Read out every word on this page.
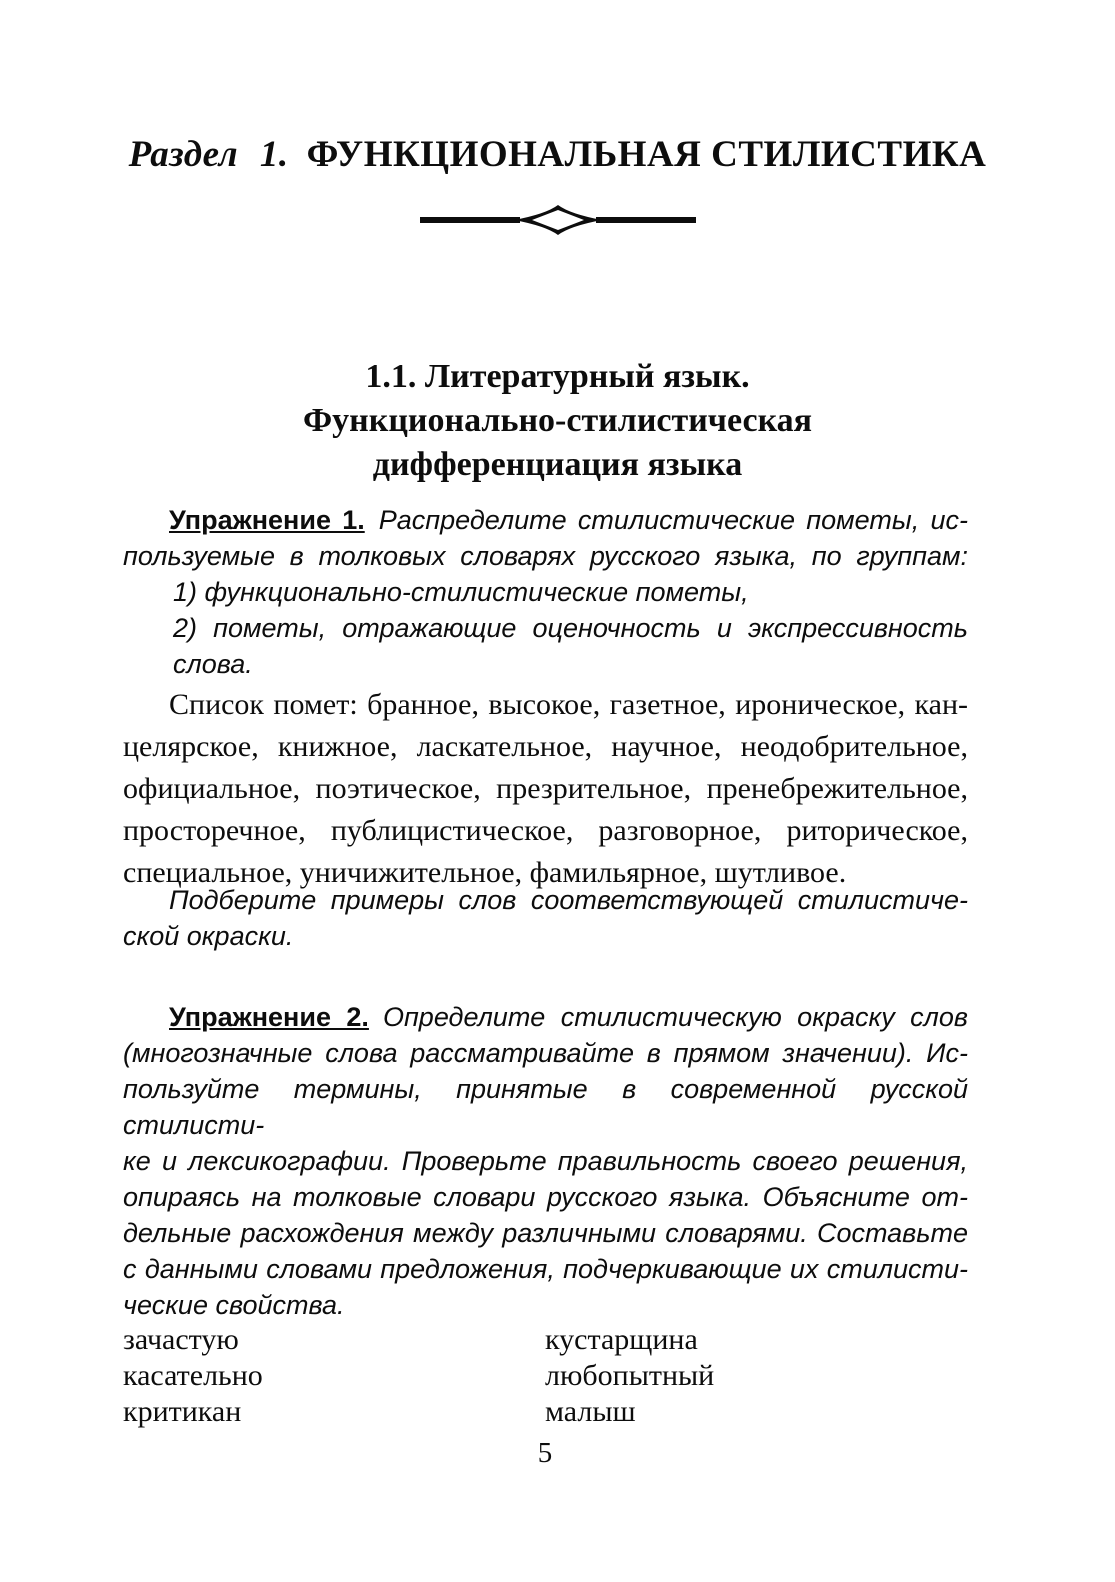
Раздел 1. ФУНКЦИОНАЛЬНАЯ СТИЛИСТИКА
1.1. Литературный язык.
Функционально-стилистическая
дифференциация языка
Упражнение 1. Распределите стилистические пометы, ис-
пользуемые в толковых словарях русского языка, по группам:
1) функционально-стилистические пометы,
2) пометы, отражающие оценочность и экспрессивность слова.
Список помет: бранное, высокое, газетное, ироническое, кан-
целярское, книжное, ласкательное, научное, неодобрительное,
официальное, поэтическое, презрительное, пренебрежительное,
просторечное, публицистическое, разговорное, риторическое,
специальное, уничижительное, фамильярное, шутливое.
Подберите примеры слов соответствующей стилистиче-
ской окраски.
Упражнение 2. Определите стилистическую окраску слов
(многозначные слова рассматривайте в прямом значении). Ис-
пользуйте термины, принятые в современной русской стилисти-
ке и лексикографии. Проверьте правильность своего решения,
опираясь на толковые словари русского языка. Объясните от-
дельные расхождения между различными словарями. Составьте
с данными словами предложения, подчеркивающие их стилисти-
ческие свойства.
зачастую
касательно
критикан
кустарщина
любопытный
малыш
5
